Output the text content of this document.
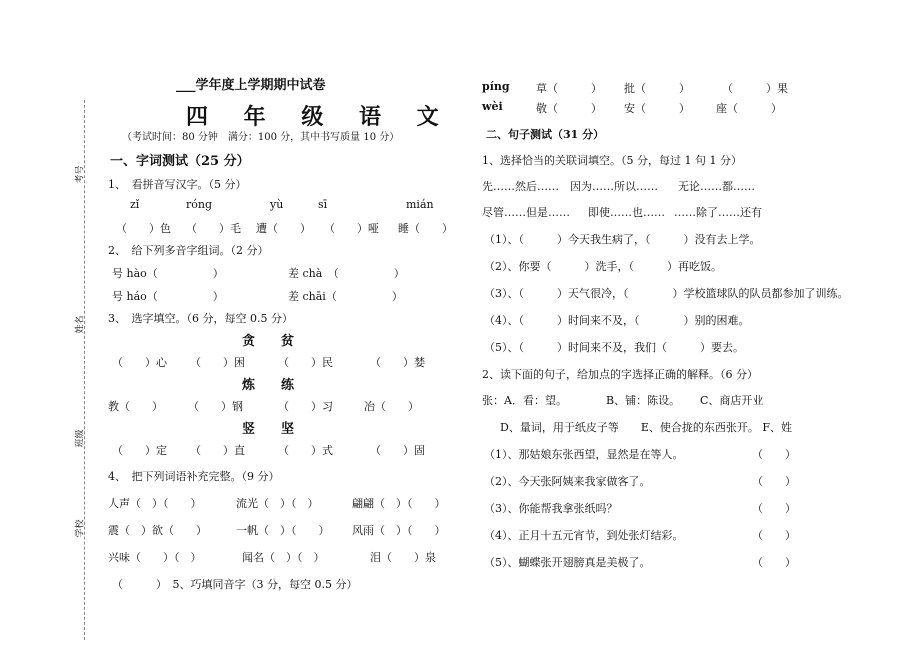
考号
姓名
班级
学校
___学年度上学期期中试卷
四 年 级 语 文
（考试时间：80 分钟　满分：100 分，其中书写质量 10 分）
一、字词测试（25 分）
1、　看拼音写汉字。（5 分）
zǐ	róng	yù	sī	mián
（　　）色 （　　）毛 遭（　　） （　　）哑 睡（　　）
2、　给下列多音字组词。（2 分）
号 hào（　　　　　）	差 chà　（　　　　　）
号 háo（　　　　　）	差 chāi（　　　　　）
3、　选字填空。（6 分，每空 0.5 分）
贪　　贫
（　　）心 （　　）困	（　　）民	（　　）婪
炼　　练
教（　　） （　　）钢	（　　）习	冶（　　）
竖　　坚
（　　）定 （　　）直	（　　）式	（　　）固
4、　把下列词语补充完整。（9 分）
人声（　）（　　）	流光（　）（　）	翩翩（　）（　　）
震（　）欲（　　）	一帆（　）（　　） 风雨（　）（　　）
兴味（　　）（　）	闻名（　）（　）	泪（　　）泉
（　　　）　5、巧填同音字（3 分，每空 0.5 分）
píng 草（　　　） 批（　　　）	（　　　）果
wèi	敬（　　　） 安（　　　） 座（　　　）
二、句子测试（31 分）
1、选择恰当的关联词填空。（5 分，每过 1 句 1 分）
先……然后…… 因为……所以…… 无论……都……
尽管……但是…… 即使……也…… ……除了……还有
（1）、（　　　）今天我生病了，（　　　）没有去上学。
（2）、你要（　　　）洗手，（　　　）再吃饭。
（3）、（　　　）天气很冷，（　　　　）学校篮球队的队员都参加了训练。
（4）、（　　　）时间来不及，（　　　　）别的困难。
（5）、（　　　）时间来不及，我们（　　　）要去。
2、读下面的句子，给加点的字选择正确的解释。（6 分）
张：A．看：望。	B、铺：陈设。 C、商店开业
D、量词，用于纸皮子等　　E、使合拢的东西张开。 F、姓
（1）、那姑娘东张西望，显然是在等人。	（　　）
（2）、今天张阿姨来我家做客了。	（　　）
（3）、你能帮我拿张纸吗？	（　　）
（4）、正月十五元宵节，到处张灯结彩。	（　　）
（5）、蝴蝶张开翅膀真是美极了。	（　　）
